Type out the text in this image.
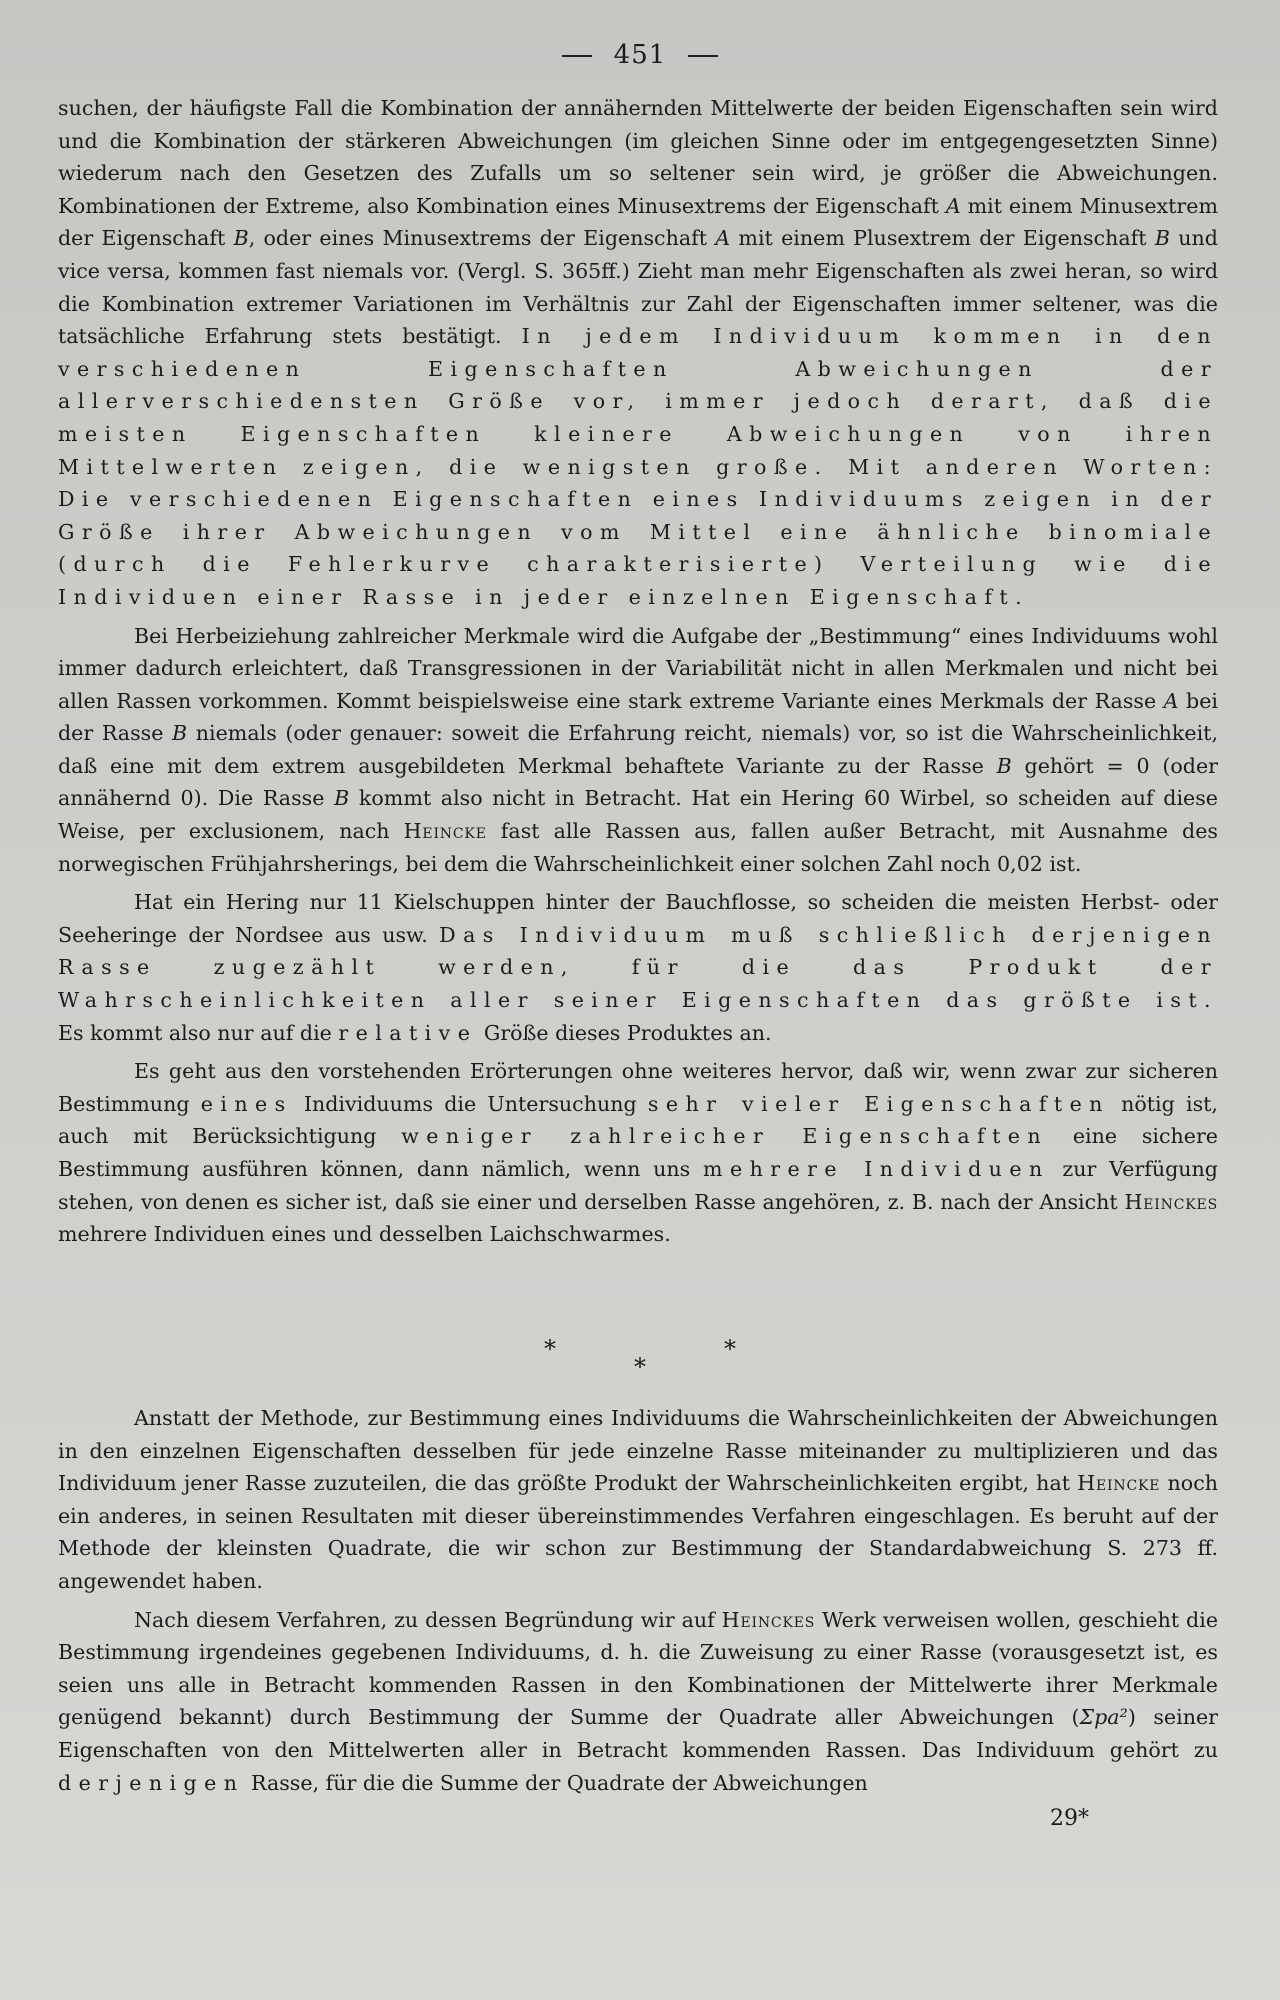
451

suchen, der häufigste Fall die Kombination der annähernden Mittelwerte der beiden Eigenschaften sein wird und die Kombination der stärkeren Abweichungen (im gleichen Sinne oder im entgegengesetzten Sinne) wiederum nach den Gesetzen des Zufalls um so seltener sein wird, je größer die Abweichungen. Kombinationen der Extreme, also Kombination eines Minusextrems der Eigenschaft A mit einem Minusextrem der Eigenschaft B, oder eines Minusextrems der Eigenschaft A mit einem Plusextrem der Eigenschaft B und vice versa, kommen fast niemals vor. (Vergl. S. 365ff.) Zieht man mehr Eigenschaften als zwei heran, so wird die Kombination extremer Variationen im Verhältnis zur Zahl der Eigenschaften immer seltener, was die tatsächliche Erfahrung stets bestätigt. In jedem Individuum kommen in den verschiedenen Eigenschaften Abweichungen der allerverschiedensten Größe vor, immer jedoch derart, daß die meisten Eigenschaften kleinere Abweichungen von ihren Mittelwerten zeigen, die wenigsten große. Mit anderen Worten: Die verschiedenen Eigenschaften eines Individuums zeigen in der Größe ihrer Abweichungen vom Mittel eine ähnliche binomiale (durch die Fehlerkurve charakterisierte) Verteilung wie die Individuen einer Rasse in jeder einzelnen Eigenschaft.

Bei Herbeiziehung zahlreicher Merkmale wird die Aufgabe der „Bestimmung“ eines Individuums wohl immer dadurch erleichtert, daß Transgressionen in der Variabilität nicht in allen Merkmalen und nicht bei allen Rassen vorkommen. Kommt beispielsweise eine stark extreme Variante eines Merkmals der Rasse A bei der Rasse B niemals (oder genauer: soweit die Erfahrung reicht, niemals) vor, so ist die Wahrscheinlichkeit, daß eine mit dem extrem ausgebildeten Merkmal behaftete Variante zu der Rasse B gehört = 0 (oder annähernd 0). Die Rasse B kommt also nicht in Betracht. Hat ein Hering 60 Wirbel, so scheiden auf diese Weise, per exclusionem, nach Heincke fast alle Rassen aus, fallen außer Betracht, mit Ausnahme des norwegischen Frühjahrsherings, bei dem die Wahrscheinlichkeit einer solchen Zahl noch 0,02 ist.

Hat ein Hering nur 11 Kielschuppen hinter der Bauchflosse, so scheiden die meisten Herbst- oder Seeheringe der Nordsee aus usw. Das Individuum muß schließlich derjenigen Rasse zugezählt werden, für die das Produkt der Wahrscheinlichkeiten aller seiner Eigenschaften das größte ist. Es kommt also nur auf die relative Größe dieses Produktes an.

Es geht aus den vorstehenden Erörterungen ohne weiteres hervor, daß wir, wenn zwar zur sicheren Bestimmung eines Individuums die Untersuchung sehr vieler Eigenschaften nötig ist, auch mit Berücksichtigung weniger zahlreicher Eigenschaften eine sichere Bestimmung ausführen können, dann nämlich, wenn uns mehrere Individuen zur Verfügung stehen, von denen es sicher ist, daß sie einer und derselben Rasse angehören, z. B. nach der Ansicht Heinckes mehrere Individuen eines und desselben Laichschwarmes.

*
*
*

Anstatt der Methode, zur Bestimmung eines Individuums die Wahrscheinlichkeiten der Abweichungen in den einzelnen Eigenschaften desselben für jede einzelne Rasse miteinander zu multiplizieren und das Individuum jener Rasse zuzuteilen, die das größte Produkt der Wahrscheinlichkeiten ergibt, hat Heincke noch ein anderes, in seinen Resultaten mit dieser übereinstimmendes Verfahren eingeschlagen. Es beruht auf der Methode der kleinsten Quadrate, die wir schon zur Bestimmung der Standardabweichung S. 273 ff. angewendet haben.

Nach diesem Verfahren, zu dessen Begründung wir auf Heinckes Werk verweisen wollen, geschieht die Bestimmung irgendeines gegebenen Individuums, d. h. die Zuweisung zu einer Rasse (vorausgesetzt ist, es seien uns alle in Betracht kommenden Rassen in den Kombinationen der Mittelwerte ihrer Merkmale genügend bekannt) durch Bestimmung der Summe der Quadrate aller Abweichungen (Σpa²) seiner Eigenschaften von den Mittelwerten aller in Betracht kommenden Rassen. Das Individuum gehört zu derjenigen Rasse, für die die Summe der Quadrate der Abweichungen

29*
